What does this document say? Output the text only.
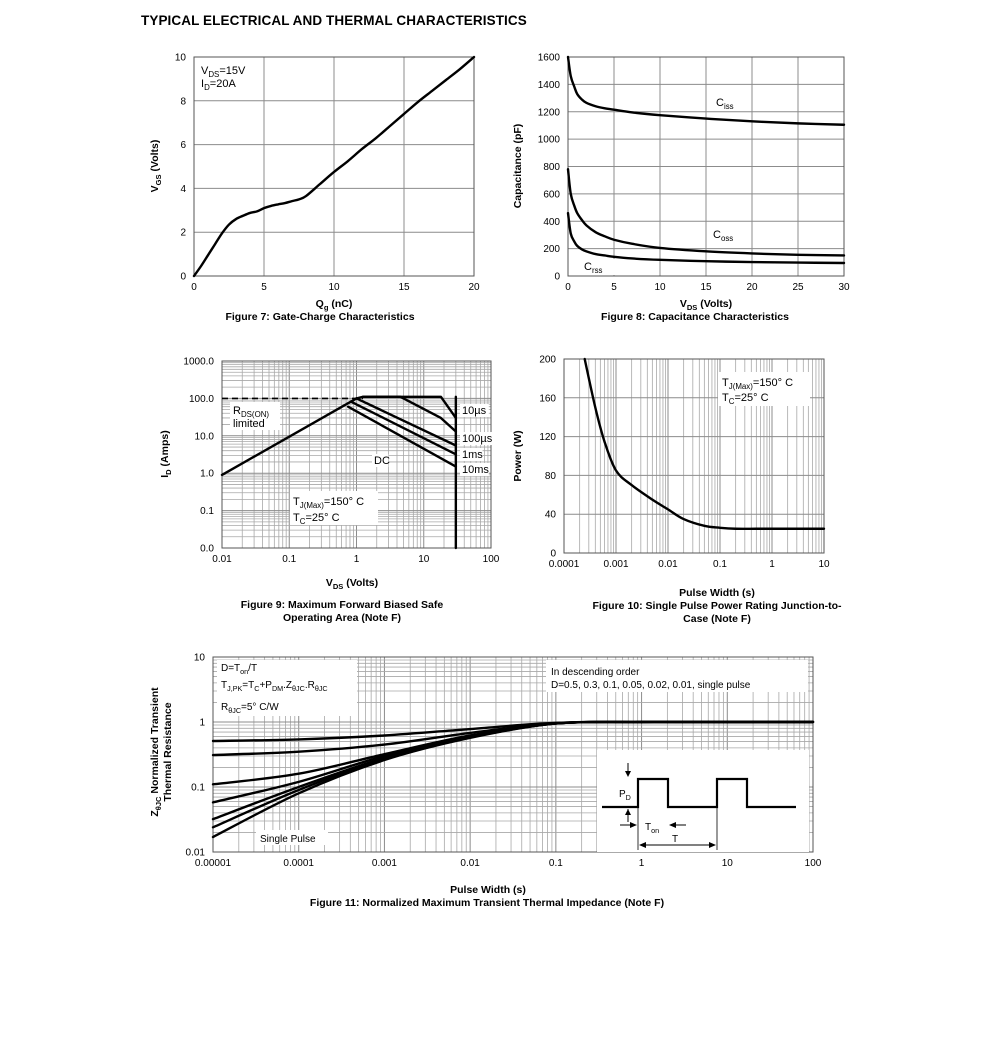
TYPICAL ELECTRICAL AND THERMAL CHARACTERISTICS
0	5	10	15	20
0
2
4
6
8
10
$V_{DS}=15V$
$I_D=20A$
$Q_g$ (nC)
$V_{GS}$ (Volts)
Figure 7: Gate-Charge Characteristics
0	5	10	15	20	25	30
0
200
400
600
800
1000
1200
1400
1600
$C_{iss}$
$C_{oss}$
$C_{rss}$
$V_{DS}$ (Volts)
Capacitance (pF)
Figure 8: Capacitance Characteristics
0.01	0.1	1	10	100
0.0
0.1
1.0
10.0
100.0
1000.0
$R_{DS(ON)}$
limited
$T_{J(Max)}=150^\circ$ C
$T_C=25^\circ$ C
10µs
100µs
1ms
10ms
DC
$V_{DS}$ (Volts)
$I_D$ (Amps)
Figure 9: Maximum Forward Biased Safe
Operating Area (Note F)
0.0001 0.001	0.01	0.1	1	10
0
40
80
120
160
200
$T_{J(Max)}=150^\circ$ C
$T_C=25^\circ$ C
Pulse Width (s)
Power (W)
Figure 10: Single Pulse Power Rating Junction-to-
Case (Note F)
0.00001	0.0001	0.001	0.01	0.1	1	10	100
0.01
0.1
1
10
$D=T_{on}/T$
$T_{J,PK}=T_C+P_{DM}.Z_{\theta JC}.R_{\theta JC}$
$R_{\theta JC}=5^\circ$ C/W
In descending order
D=0.5, 0.3, 0.1, 0.05, 0.02, 0.01, single pulse
Single Pulse
$P_D$
$T_{on}$
T
Pulse Width (s)
$Z_{\theta JC}$ Normalized Transient Thermal Resistance
Figure 11: Normalized Maximum Transient Thermal Impedance (Note F)
